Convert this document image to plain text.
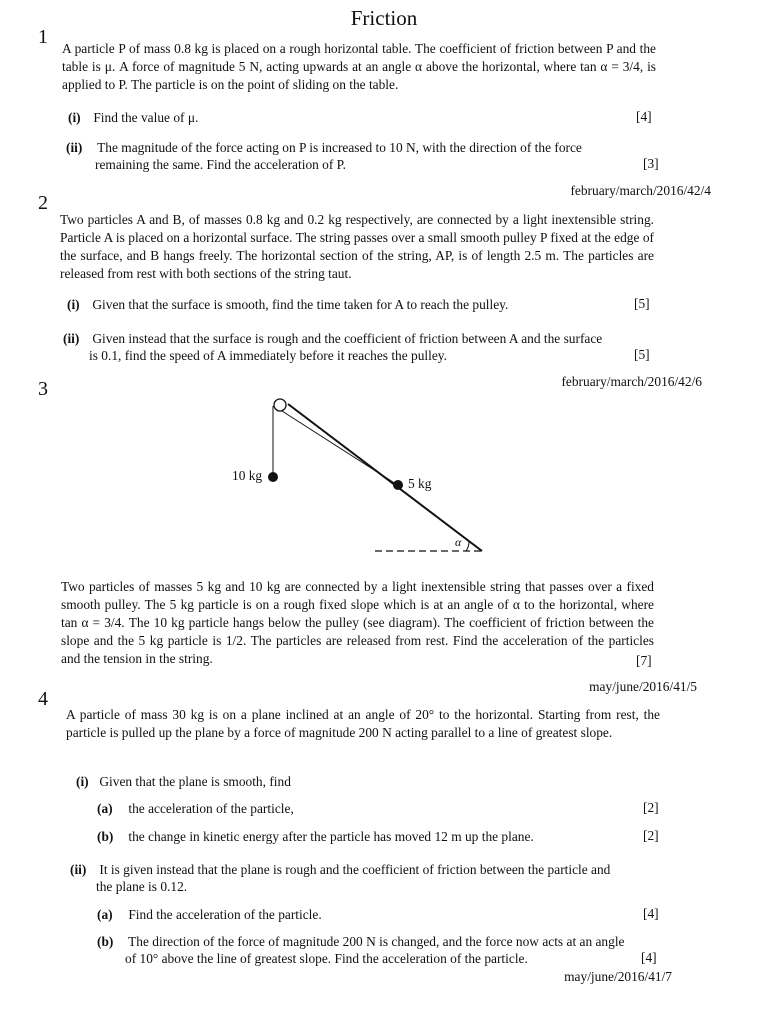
Friction
1
A particle P of mass 0.8 kg is placed on a rough horizontal table. The coefficient of friction between P and the table is μ. A force of magnitude 5 N, acting upwards at an angle α above the horizontal, where tan α = 3/4, is applied to P. The particle is on the point of sliding on the table.
(i) Find the value of μ.	[4]
(ii) The magnitude of the force acting on P is increased to 10 N, with the direction of the force
remaining the same. Find the acceleration of P.	[3]
february/march/2016/42/4
2
Two particles A and B, of masses 0.8 kg and 0.2 kg respectively, are connected by a light inextensible string. Particle A is placed on a horizontal surface. The string passes over a small smooth pulley P fixed at the edge of the surface, and B hangs freely. The horizontal section of the string, AP, is of length 2.5 m. The particles are released from rest with both sections of the string taut.
(i) Given that the surface is smooth, find the time taken for A to reach the pulley.	[5]
(ii) Given instead that the surface is rough and the coefficient of friction between A and the surface
is 0.1, find the speed of A immediately before it reaches the pulley.	[5]
february/march/2016/42/6
3
10 kg
5 kg
α
Two particles of masses 5 kg and 10 kg are connected by a light inextensible string that passes over a fixed smooth pulley. The 5 kg particle is on a rough fixed slope which is at an angle of α to the horizontal, where tan α = 3/4. The 10 kg particle hangs below the pulley (see diagram). The coefficient of friction between the slope and the 5 kg particle is 1/2. The particles are released from rest. Find the acceleration of the particles and the tension in the string.	[7]
may/june/2016/41/5
4
A particle of mass 30 kg is on a plane inclined at an angle of 20° to the horizontal. Starting from rest, the particle is pulled up the plane by a force of magnitude 200 N acting parallel to a line of greatest slope.
(i) Given that the plane is smooth, find
(a) the acceleration of the particle,	[2]
(b) the change in kinetic energy after the particle has moved 12 m up the plane.	[2]
(ii) It is given instead that the plane is rough and the coefficient of friction between the particle and
the plane is 0.12.
(a) Find the acceleration of the particle.	[4]
(b) The direction of the force of magnitude 200 N is changed, and the force now acts at an angle
of 10° above the line of greatest slope. Find the acceleration of the particle.	[4]
may/june/2016/41/7
